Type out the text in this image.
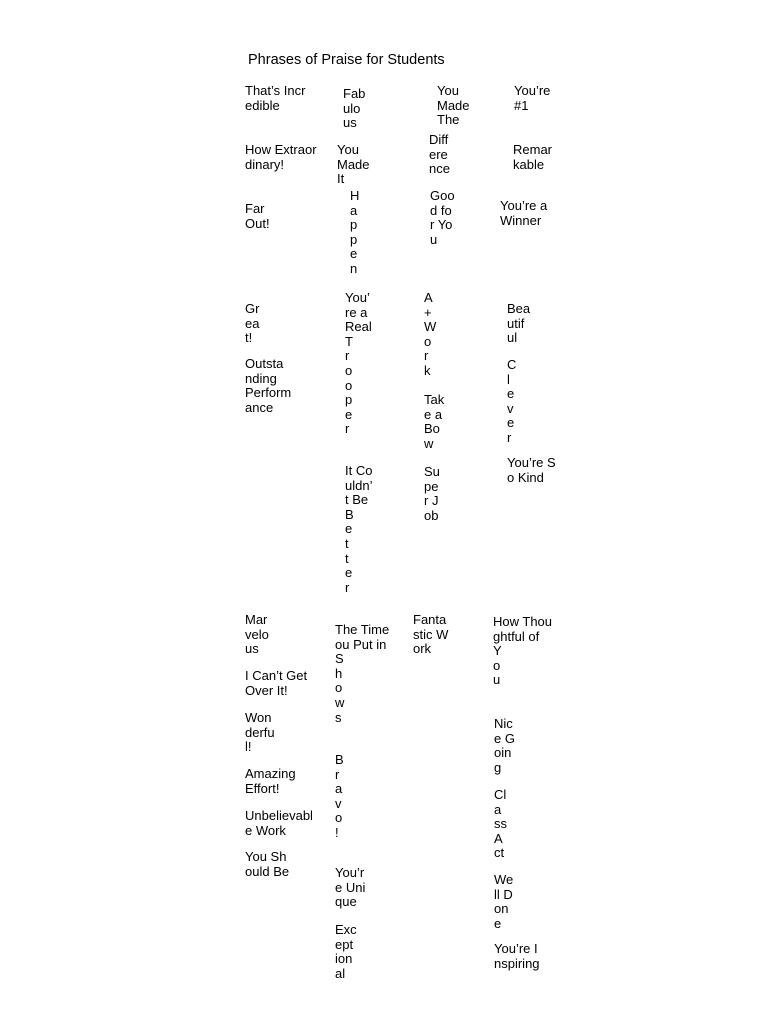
Phrases of Praise for Students
That’s Incr
edible
Fab
ulo
us
You
Made
The
You’re
#1
How Extraor
dinary!
You
Made
It
Diff
ere
nce
Remar
kable
H
a
p
p
e
n
Far
Out!
Goo
d fo
r Yo
u
You’re a
Winner
Gr
ea
t!
You’
re a
Real
T
r
o
o
p
e
r
A
+
W
o
r
k
Bea
utif
ul
Outsta
nding
Perform
ance
C
l
e
v
e
r
Tak
e a
Bo
w
You’re S
o Kind
It Co
uldn’
t Be
B
e
t
t
e
r
Su
pe
r J
ob
Mar
velo
us
The Time
ou Put in
S
h
o
w
s
Fanta
stic W
ork
How Thou
ghtful of
Y
o
u
I Can’t Get
Over It!
Won
derfu
l!
Nic
e G
oin
g
B
r
a
v
o
!
Amazing
Effort!	Cl
a
ss
A
ct
Unbelievabl
e Work
You Sh
ould Be	You’r
e Uni
que
We
ll D
on
e
Exc
ept
ion
al
You’re I
nspiring
